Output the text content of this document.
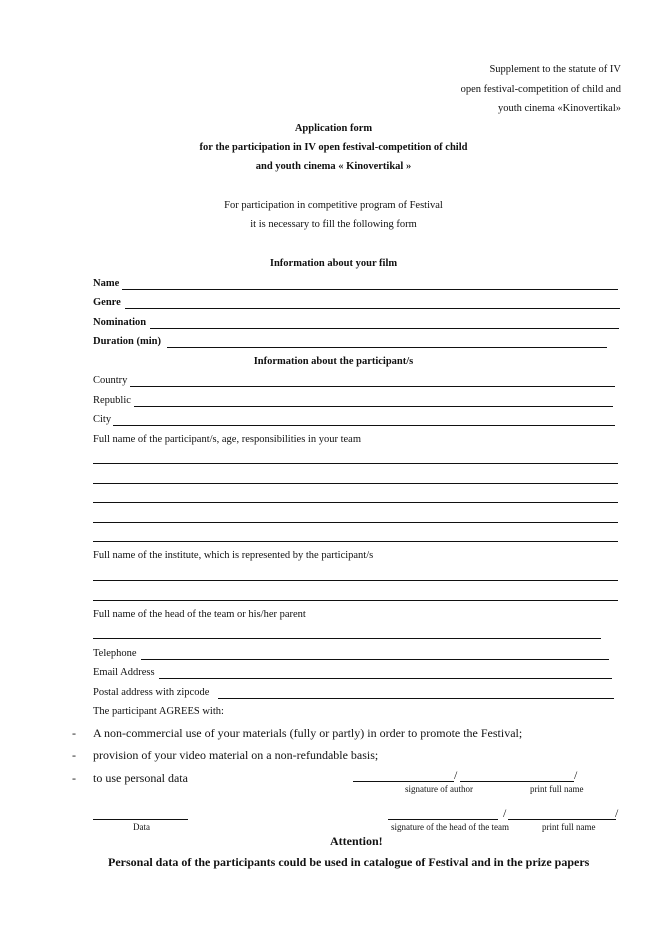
Supplement to the statute of IV
open festival-competition of child and
youth cinema «Kinovertikal»
Application form
for the participation in IV open festival-competition of child
and youth cinema « Kinovertikal »
For participation in competitive program of Festival
it is necessary to fill the following form
Information about your film
Name
Genre
Nomination
Duration (min)
Information about the participant/s
Country
Republic
City
Full name of the participant/s, age, responsibilities in your team
Full name of the institute, which is represented by the participant/s
Full name of the head of the team or his/her parent
Telephone
Email Address
Postal address with zipcode
The participant AGREES with:
- A non-commercial use of your materials (fully or partly) in order to promote the Festival;
- provision of your video material on a non-refundable basis;
- to use personal data	/	/
signature of author	print full name
Data
/	/
signature of the head of the team	print full name
Attention!
Personal data of the participants could be used in catalogue of Festival and in the prize papers
